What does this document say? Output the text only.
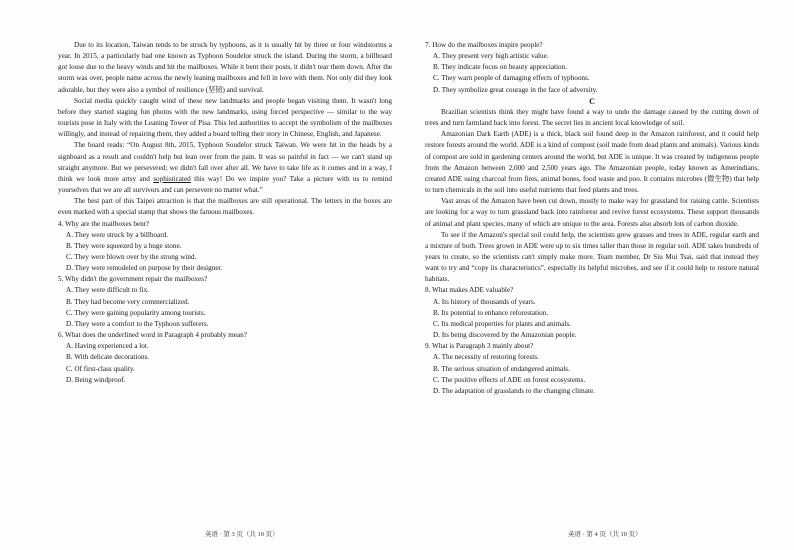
Due to its location, Taiwan tends to be struck by typhoons, as it is usually hit by three or four windstorms a year. In 2015, a particularly bad one known as Typhoon Soudelor struck the island. During the storm, a billboard got loose due to the heavy winds and hit the mailboxes. While it bent their posts, it didn't tear them down. After the storm was over, people name across the newly leaning mailboxes and fell in love with them. Not only did they look adorable, but they were also a symbol of resilience (坚韧) and survival.

Social media quickly caught wind of these new landmarks and people began visiting them. It wasn't long before they started staging fun photos with the new landmarks, using forced perspective — similar to the way tourists pose in Italy with the Leaning Tower of Pisa. This led authorities to accept the symbolism of the mailboxes willingly, and instead of repairing them, they added a board telling their story in Chinese, English, and Japanese.

The board reads: “On August 8th, 2015, Typhoon Soudelor struck Taiwan. We were hit in the heads by a signboard as a result and couldn't help but lean over from the pain. It was so painful in fact — we can't stand up straight anymore. But we persevered; we didn't fall over after all. We have to take life as it comes and in a way, I think we look more artsy and sophisticated this way! Do we inspire you? Take a picture with us to remind yourselves that we are all survivors and can persevere no matter what.”

The best part of this Taipei attraction is that the mailboxes are still operational. The letters in the boxes are even marked with a special stamp that shows the famous mailboxes.

4. Why are the mailboxes bent?

A. They were struck by a billboard.

B. They were squeezed by a huge stone.

C. They were blown over by the strong wind.

D. They were remodeled on purpose by their designer.

5. Why didn't the government repair the mailboxes?

A. They were difficult to fix.

B. They had become very commercialized.

C. They were gaining popularity among tourists.

D. They were a comfort to the Typhoon sufferers.

6. What does the underlined word in Paragraph 4 probably mean?

A. Having experienced a lot.

B. With delicate decorations.

C. Of first-class quality.

D. Being windproof.

7. How do the mailboxes inspire people?

A. They present very high artistic value.

B. They indicate focus on beauty appreciation.

C. They warn people of damaging effects of typhoons.

D. They symbolize great courage in the face of adversity.

C

Brazilian scientists think they might have found a way to undo the damage caused by the cutting down of trees and turn farmland back into forest. The secret lies in ancient local knowledge of soil.

Amazonian Dark Earth (ADE) is a thick, black soil found deep in the Amazon rainforest, and it could help restore forests around the world. ADE is a kind of compost (soil made from dead plants and animals). Various kinds of compost are sold in gardening centers around the world, but ADE is unique. It was created by indigenous people from the Amazon between 2,000 and 2,500 years ago. The Amazonian people, today known as Amerindians, created ADE using charcoal from fires, animal bones, food waste and poo. It contains microbes (微生物) that help to turn chemicals in the soil into useful nutrients that feed plants and trees.

Vast areas of the Amazon have been cut down, mostly to make way for grassland for raising cattle. Scientists are looking for a way to turn grassland back into rainforest and revive forest ecosystems. These support thousands of animal and plant species, many of which are unique to the area. Forests also absorb lots of carbon dioxide.

To see if the Amazon's special soil could help, the scientists grew grasses and trees in ADE, regular earth and a mixture of both. Trees grown in ADE were up to six times taller than those in regular soil. ADE takes hundreds of years to create, so the scientists can't simply make more. Team member, Dr Siu Mui Tsai, said that instead they want to try and “copy its characteristics”, especially its helpful microbes, and see if it could help to restore natural habitats.

8. What makes ADE valuable?

A. Its history of thousands of years.

B. Its potential to enhance reforestation.

C. Its medical properties for plants and animals.

D. Its being discovered by the Amazonian people.

9. What is Paragraph 3 mainly about?

A. The necessity of restoring forests.

B. The serious situation of endangered animals.

C. The positive effects of ADE on forest ecosystems.

D. The adaptation of grasslands to the changing climate.

英语 · 第 3 页（共 10 页）	英语 · 第 4 页（共 10 页）
